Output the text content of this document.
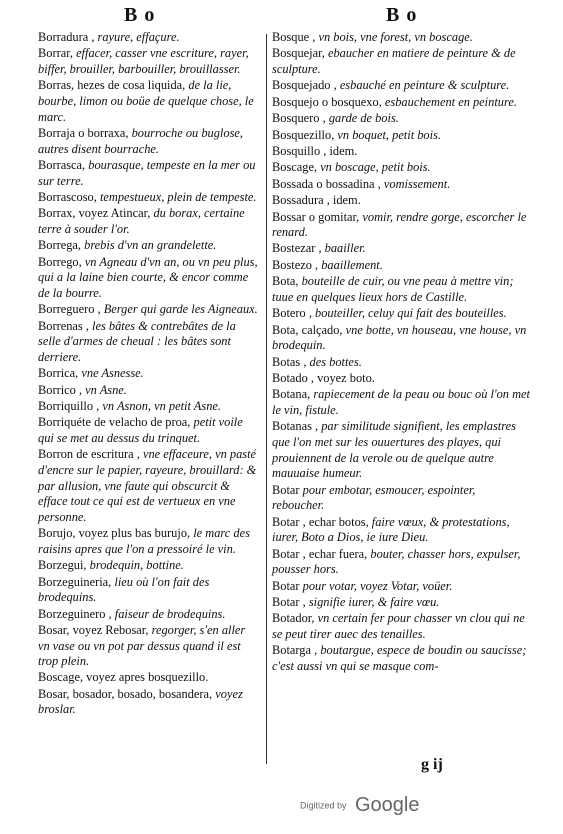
B o	B o
Borradura , rayure, effaçure.
Borrar, effacer, casser vne escriture, rayer, biffer, brouiller, barbouiller, brouillasser.
Borras, hezes de cosa liquida, de la lie, bourbe, limon ou boüe de quelque chose, le marc.
Borraja o borraxa, bourroche ou buglose, autres disent bourrache.
Borrasca, bourasque, tempeste en la mer ou sur terre.
Borrascoso, tempestueux, plein de tempeste.
Borrax, voyez Atincar, du borax, certaine terre à souder l'or.
Borrega, brebis d'vn an grandelette.
Borrego, vn Agneau d'vn an, ou vn peu plus, qui a la laine bien courte, & encor comme de la bourre.
Borreguero , Berger qui garde les Aigneaux.
Borrenas , les bâtes & contrebâtes de la selle d'armes de cheual : les bâtes sont derriere.
Borrica, vne Asnesse.
Borrico , vn Asne.
Borriquillo , vn Asnon, vn petit Asne.
Borriquéte de velacho de proa, petit voile qui se met au dessus du trinquet.
Borron de escritura , vne effaceure, vn pasté d'encre sur le papier, rayeure, brouillard: & par allusion, vne faute qui obscurcit & efface tout ce qui est de vertueux en vne personne.
Borujo, voyez plus bas burujo, le marc des raisins apres que l'on a pressoiré le vin.
Borzegui, brodequin, bottine.
Borzeguineria, lieu où l'on fait des brodequins.
Borzeguinero , faiseur de brodequins.
Bosar, voyez Rebosar, regorger, s'en aller vn vase ou vn pot par dessus quand il est trop plein.
Boscage, voyez apres bosquezillo.
Bosar, bosador, bosado, bosandera, voyez broslar.
Bosque , vn bois, vne forest, vn boscage.
Bosquejar, ebaucher en matiere de peinture & de sculpture.
Bosquejado , esbauché en peinture & sculpture.
Bosquejo o bosquexo, esbauchement en peinture.
Bosquero , garde de bois.
Bosquezillo, vn boquet, petit bois.
Bosquillo , idem.
Boscage, vn boscage, petit bois.
Bossada o bossadina , vomissement.
Bossadura , idem.
Bossar o gomitar, vomir, rendre gorge, escorcher le renard.
Bostezar , baailler.
Bostezo , baaillement.
Bota, bouteille de cuir, ou vne peau à mettre vin; tuue en quelques lieux hors de Castille.
Botero , bouteiller, celuy qui fait des bouteilles.
Bota, calçado, vne botte, vn houseau, vne house, vn brodequin.
Botas , des bottes.
Botado , voyez boto.
Botana, rapiecement de la peau ou bouc où l'on met le vin, fistule.
Botanas , par similitude signifient, les emplastres que l'on met sur les ouuertures des playes, qui prouiennent de la verole ou de quelque autre mauuaise humeur.
Botar pour embotar, esmoucer, espointer, reboucher.
Botar , echar botos, faire vœux, & protestations, iurer, Boto a Dios, ie iure Dieu.
Botar , echar fuera, bouter, chasser hors, expulser, pousser hors.
Botar pour votar, voyez Votar, voüer.
Botar , signifie iurer, & faire vœu.
Botador, vn certain fer pour chasser vn clou qui ne se peut tirer auec des tenailles.
Botarga , boutargue, espece de boudin ou saucisse; c'est aussi vn qui se masque com-
g ij
Digitized by Google
